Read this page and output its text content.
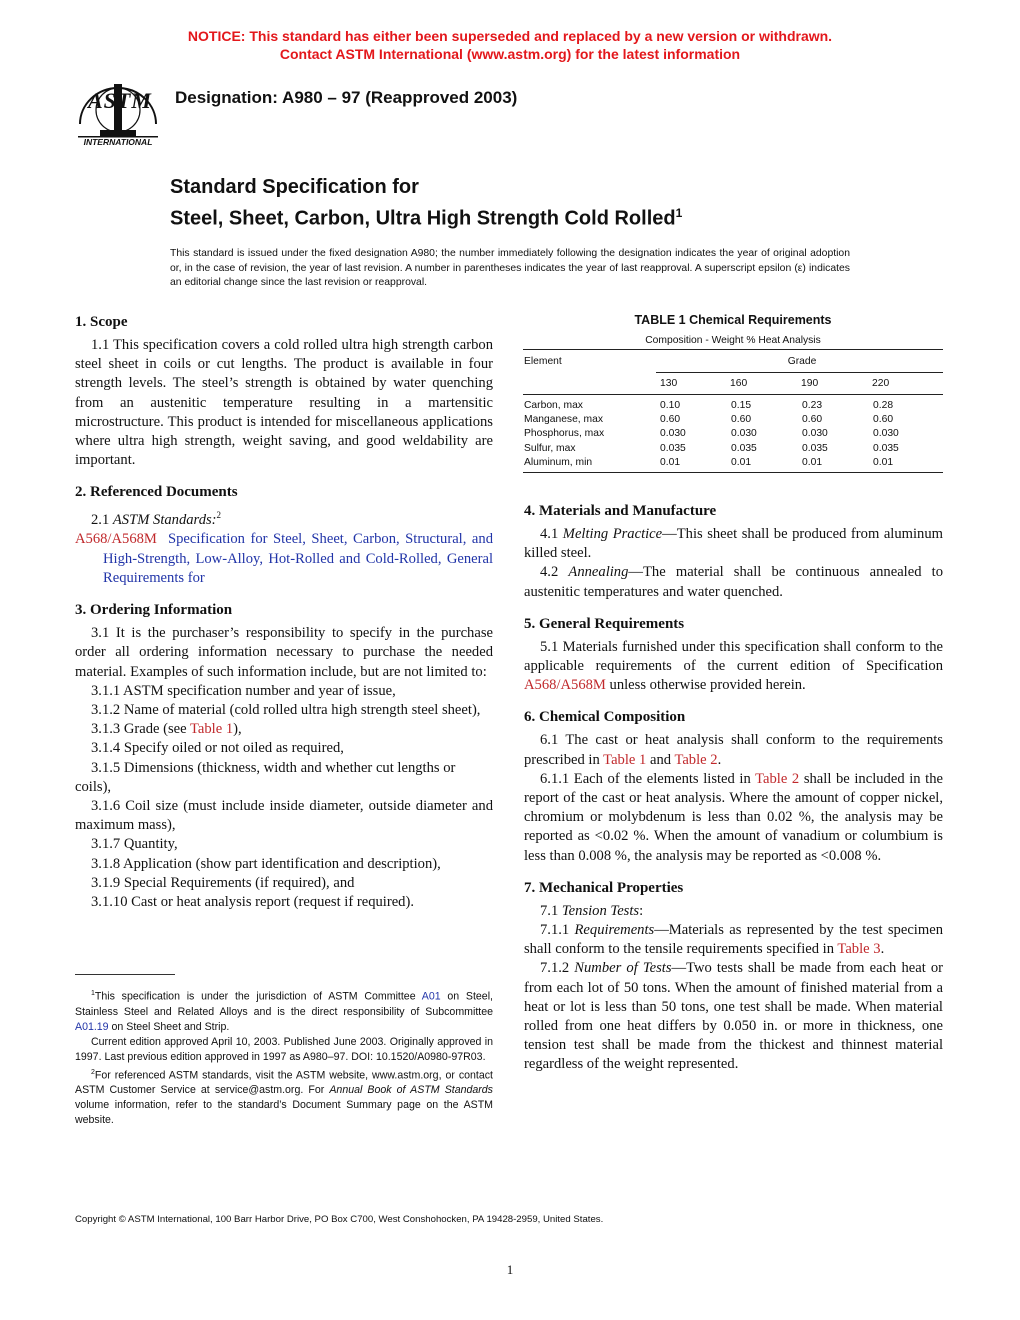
NOTICE: This standard has either been superseded and replaced by a new version or withdrawn.
Contact ASTM International (www.astm.org) for the latest information
ASTM
INTERNATIONAL
Designation: A980 – 97 (Reapproved 2003)
Standard Specification for
Steel, Sheet, Carbon, Ultra High Strength Cold Rolled$^1$
This standard is issued under the fixed designation A980; the number immediately following the designation indicates the year of original adoption or, in the case of revision, the year of last revision. A number in parentheses indicates the year of last reapproval. A superscript epsilon (ε) indicates an editorial change since the last revision or reapproval.
1. Scope

1.1 This specification covers a cold rolled ultra high strength carbon steel sheet in coils or cut lengths. The product is available in four strength levels. The steel’s strength is obtained by water quenching from an austenitic temperature resulting in a martensitic microstructure. This product is intended for miscellaneous applications where ultra high strength, weight saving, and good weldability are important.

2. Referenced Documents

2.1 ASTM Standards:$^2$

A568/A568M Specification for Steel, Sheet, Carbon, Structural, and High-Strength, Low-Alloy, Hot-Rolled and Cold-Rolled, General Requirements for

3. Ordering Information

3.1 It is the purchaser’s responsibility to specify in the purchase order all ordering information necessary to purchase the needed material. Examples of such information include, but are not limited to:

3.1.1 ASTM specification number and year of issue,

3.1.2 Name of material (cold rolled ultra high strength steel sheet),

3.1.3 Grade (see Table 1),

3.1.4 Specify oiled or not oiled as required,

3.1.5 Dimensions (thickness, width and whether cut lengths or coils),

3.1.6 Coil size (must include inside diameter, outside diameter and maximum mass),

3.1.7 Quantity,

3.1.8 Application (show part identification and description),

3.1.9 Special Requirements (if required), and

3.1.10 Cast or heat analysis report (request if required).

$^1$This specification is under the jurisdiction of ASTM Committee A01 on Steel, Stainless Steel and Related Alloys and is the direct responsibility of Subcommittee A01.19 on Steel Sheet and Strip.

Current edition approved April 10, 2003. Published June 2003. Originally approved in 1997. Last previous edition approved in 1997 as A980–97. DOI: 10.1520/A0980-97R03.

$^2$For referenced ASTM standards, visit the ASTM website, www.astm.org, or contact ASTM Customer Service at service@astm.org. For Annual Book of ASTM Standards volume information, refer to the standard’s Document Summary page on the ASTM website.

TABLE 1 Chemical Requirements
Composition - Weight % Heat Analysis
Element	Grade
130	160	190	220
Carbon, max	0.10	0.15	0.23	0.28
Manganese, max	0.60	0.60	0.60	0.60
Phosphorus, max	0.030	0.030	0.030	0.030
Sulfur, max	0.035	0.035	0.035	0.035
Aluminum, min	0.01	0.01	0.01	0.01
4. Materials and Manufacture

4.1 Melting Practice—This sheet shall be produced from aluminum killed steel.

4.2 Annealing—The material shall be continuous annealed to austenitic temperatures and water quenched.

5. General Requirements

5.1 Materials furnished under this specification shall conform to the applicable requirements of the current edition of Specification A568/A568M unless otherwise provided herein.

6. Chemical Composition

6.1 The cast or heat analysis shall conform to the requirements prescribed in Table 1 and Table 2.

6.1.1 Each of the elements listed in Table 2 shall be included in the report of the cast or heat analysis. Where the amount of copper nickel, chromium or molybdenum is less than 0.02 %, the analysis may be reported as <0.02 %. When the amount of vanadium or columbium is less than 0.008 %, the analysis may be reported as <0.008 %.

7. Mechanical Properties

7.1 Tension Tests:

7.1.1 Requirements—Materials as represented by the test specimen shall conform to the tensile requirements specified in Table 3.

7.1.2 Number of Tests—Two tests shall be made from each heat or from each lot of 50 tons. When the amount of finished material from a heat or lot is less than 50 tons, one test shall be made. When material rolled from one heat differs by 0.050 in. or more in thickness, one tension test shall be made from the thickest and thinnest material regardless of the weight represented.

Copyright © ASTM International, 100 Barr Harbor Drive, PO Box C700, West Conshohocken, PA 19428-2959, United States.
1
